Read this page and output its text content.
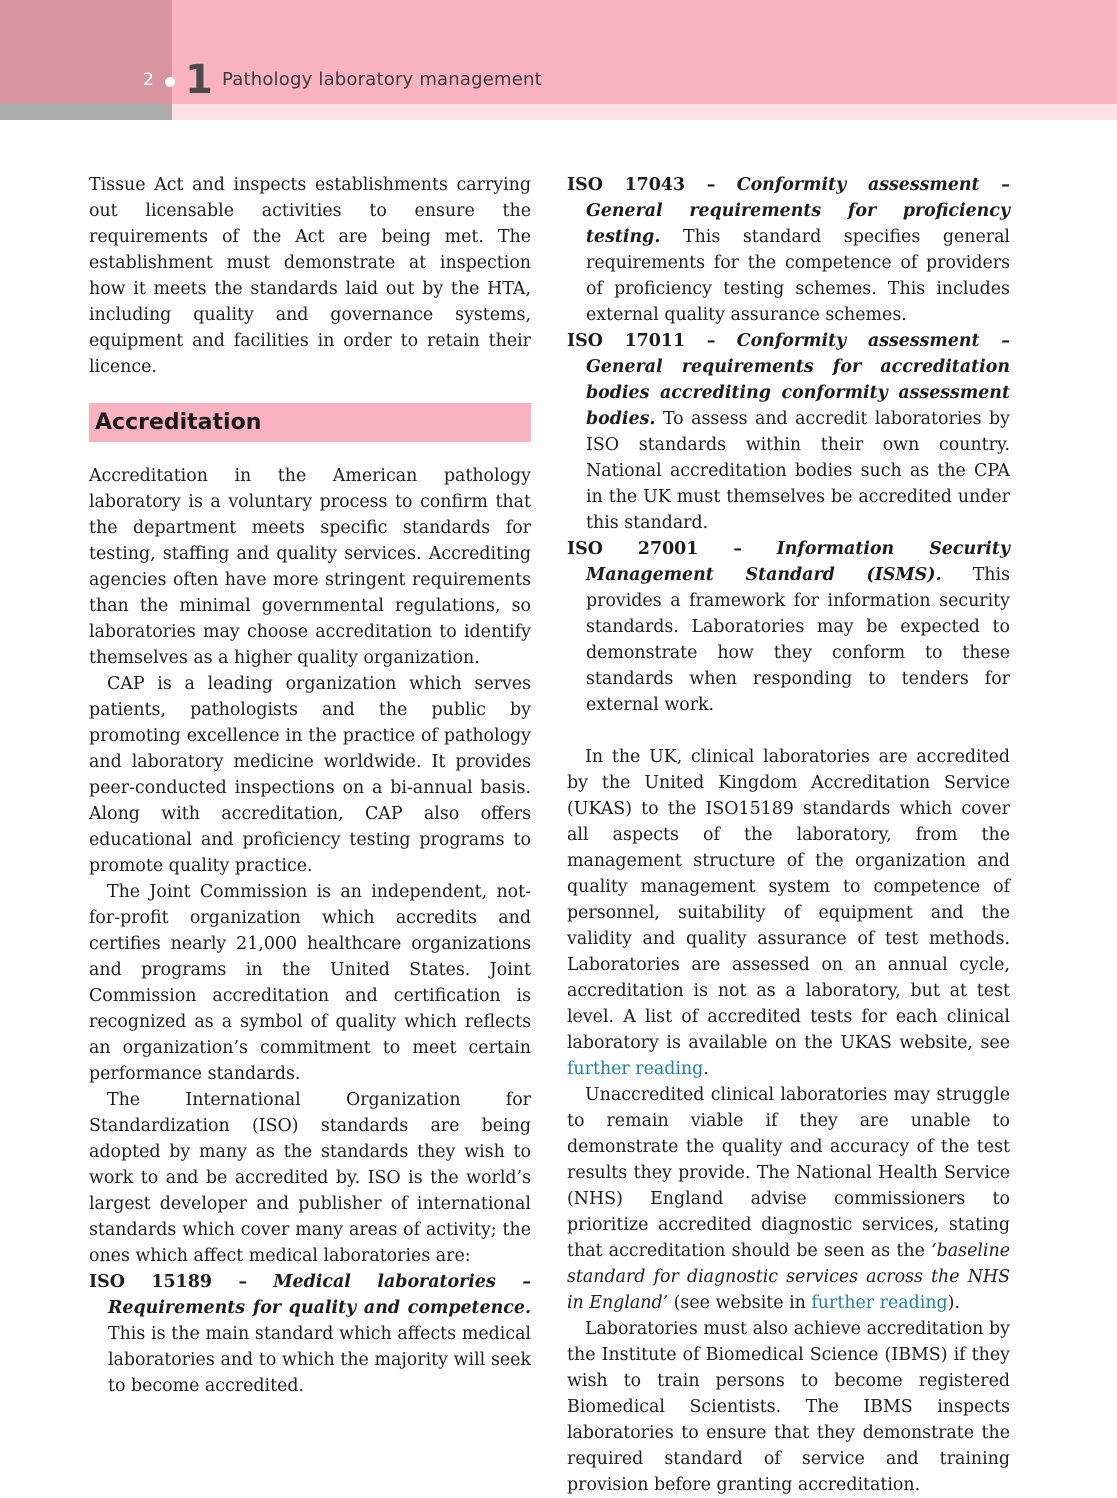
2 1 Pathology laboratory management

Tissue Act and inspects establishments carrying out licensable activities to ensure the requirements of the Act are being met. The establishment must demonstrate at inspection how it meets the standards laid out by the HTA, including quality and governance systems, equipment and facilities in order to retain their licence.

Accreditation

Accreditation in the American pathology laboratory is a voluntary process to confirm that the department meets specific standards for testing, staffing and quality services. Accrediting agencies often have more stringent requirements than the minimal governmental regulations, so laboratories may choose accreditation to identify themselves as a higher quality organization.

CAP is a leading organization which serves patients, pathologists and the public by promoting excellence in the practice of pathology and laboratory medicine worldwide. It provides peer-conducted inspections on a bi-annual basis. Along with accreditation, CAP also offers educational and proficiency testing programs to promote quality practice.

The Joint Commission is an independent, not-for-profit organization which accredits and certifies nearly 21,000 healthcare organizations and programs in the United States. Joint Commission accreditation and certification is recognized as a symbol of quality which reflects an organization’s commitment to meet certain performance standards.

The International Organization for Standardization (ISO) standards are being adopted by many as the standards they wish to work to and be accredited by. ISO is the world’s largest developer and publisher of international standards which cover many areas of activity; the ones which affect medical laboratories are:

ISO 15189 – Medical laboratories – Requirements for quality and competence. This is the main standard which affects medical laboratories and to which the majority will seek to become accredited.

ISO 17043 – Conformity assessment – General requirements for proficiency testing. This standard specifies general requirements for the competence of providers of proficiency testing schemes. This includes external quality assurance schemes.

ISO 17011 – Conformity assessment – General requirements for accreditation bodies accrediting conformity assessment bodies. To assess and accredit laboratories by ISO standards within their own country. National accreditation bodies such as the CPA in the UK must themselves be accredited under this standard.

ISO 27001 – Information Security Management Standard (ISMS). This provides a framework for information security standards. Laboratories may be expected to demonstrate how they conform to these standards when responding to tenders for external work.

In the UK, clinical laboratories are accredited by the United Kingdom Accreditation Service (UKAS) to the ISO15189 standards which cover all aspects of the laboratory, from the management structure of the organization and quality management system to competence of personnel, suitability of equipment and the validity and quality assurance of test methods. Laboratories are assessed on an annual cycle, accreditation is not as a laboratory, but at test level. A list of accredited tests for each clinical laboratory is available on the UKAS website, see further reading.

Unaccredited clinical laboratories may struggle to remain viable if they are unable to demonstrate the quality and accuracy of the test results they provide. The National Health Service (NHS) England advise commissioners to prioritize accredited diagnostic services, stating that accreditation should be seen as the ‘baseline standard for diagnostic services across the NHS in England’ (see website in further reading).

Laboratories must also achieve accreditation by the Institute of Biomedical Science (IBMS) if they wish to train persons to become registered Biomedical Scientists. The IBMS inspects laboratories to ensure that they demonstrate the required standard of service and training provision before granting accreditation.
